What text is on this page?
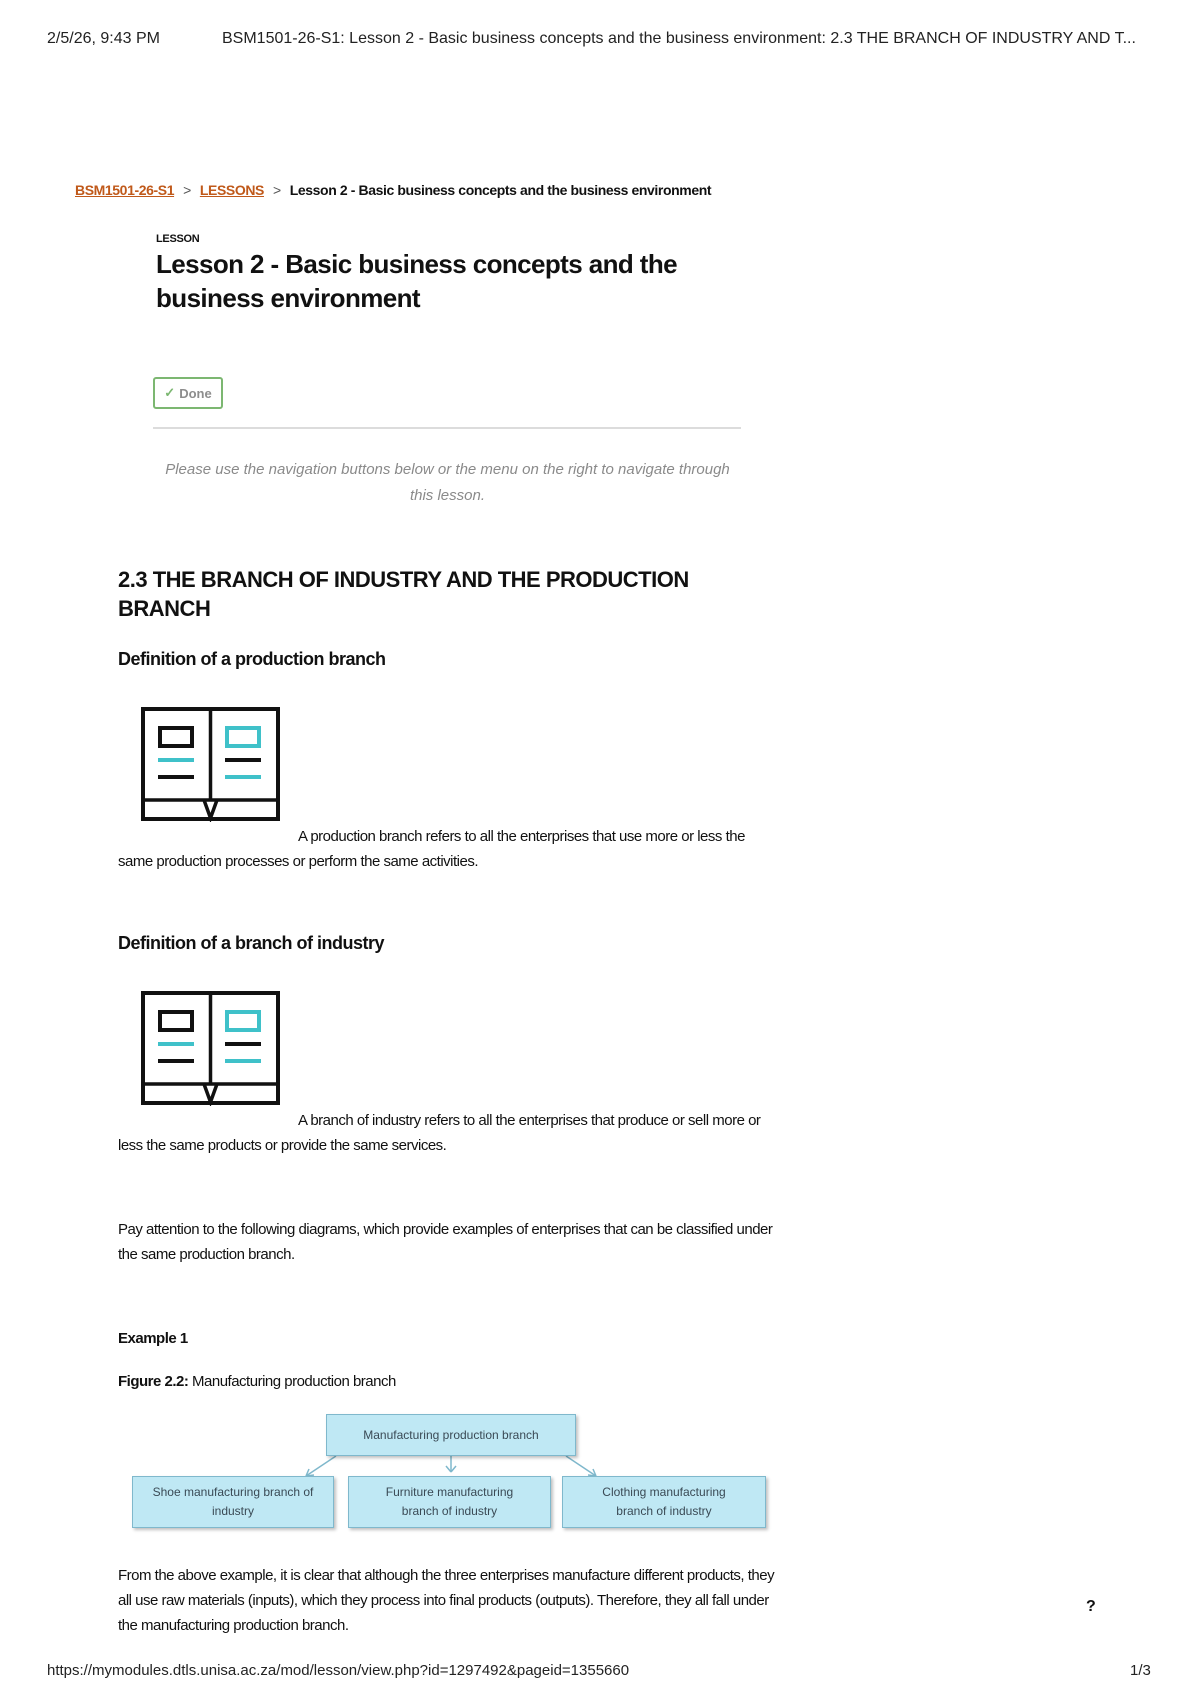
2/5/26, 9:43 PM	BSM1501-26-S1: Lesson 2 - Basic business concepts and the business environment: 2.3 THE BRANCH OF INDUSTRY AND T...
BSM1501-26-S1 > LESSONS > Lesson 2 - Basic business concepts and the business environment
LESSON
Lesson 2 - Basic business concepts and the business environment
✓ Done
Please use the navigation buttons below or the menu on the right to navigate through this lesson.
2.3 THE BRANCH OF INDUSTRY AND THE PRODUCTION BRANCH
Definition of a production branch
A production branch refers to all the enterprises that use more or less the same production processes or perform the same activities.
Definition of a branch of industry
A branch of industry refers to all the enterprises that produce or sell more or less the same products or provide the same services.
Pay attention to the following diagrams, which provide examples of enterprises that can be classified under the same production branch.
Example 1
Figure 2.2: Manufacturing production branch
Manufacturing production branch
Shoe manufacturing branch of industry
Furniture manufacturing branch of industry
Clothing manufacturing branch of industry
From the above example, it is clear that although the three enterprises manufacture different products, they all use raw materials (inputs), which they process into final products (outputs). Therefore, they all fall under the manufacturing production branch.
?
https://mymodules.dtls.unisa.ac.za/mod/lesson/view.php?id=1297492&pageid=1355660	1/3
